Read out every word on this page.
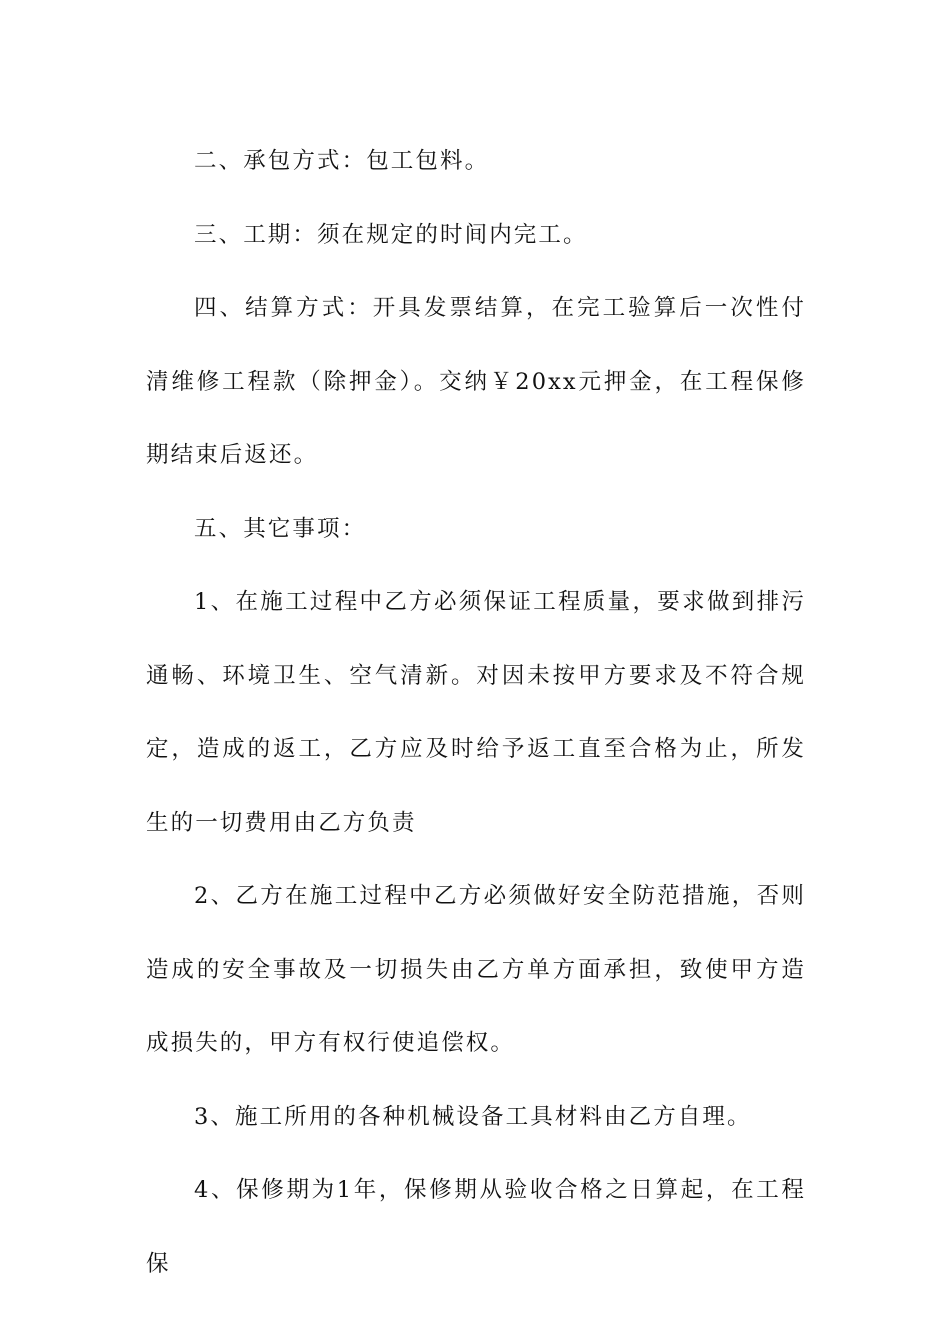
二、承包方式：包工包料。

三、工期：须在规定的时间内完工。

四、结算方式：开具发票结算，在完工验算后一次性付清维修工程款（除押金）。交纳￥20xx元押金，在工程保修期结束后返还。

五、其它事项：

1、在施工过程中乙方必须保证工程质量，要求做到排污通畅、环境卫生、空气清新。对因未按甲方要求及不符合规定，造成的返工，乙方应及时给予返工直至合格为止，所发生的一切费用由乙方负责

2、乙方在施工过程中乙方必须做好安全防范措施，否则造成的安全事故及一切损失由乙方单方面承担，致使甲方造成损失的，甲方有权行使追偿权。

3、施工所用的各种机械设备工具材料由乙方自理。

4、保修期为1年，保修期从验收合格之日算起，在工程保
